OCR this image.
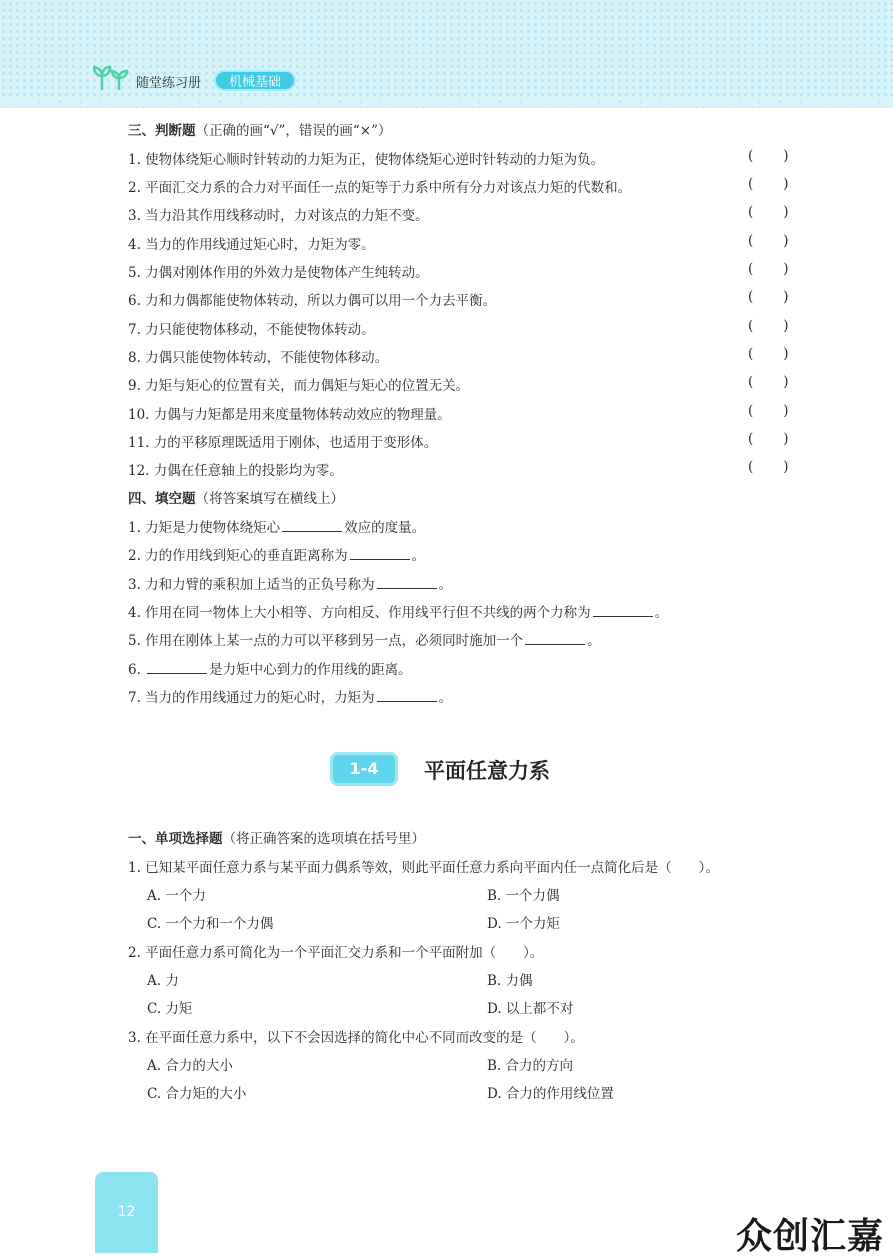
随堂练习册	机械基础
三、判断题（正确的画“√”，错误的画“×”）
1. 使物体绕矩心顺时针转动的力矩为正，使物体绕矩心逆时针转动的力矩为负。	(       )
2. 平面汇交力系的合力对平面任一点的矩等于力系中所有分力对该点力矩的代数和。	(       )
3. 当力沿其作用线移动时，力对该点的力矩不变。	(       )
4. 当力的作用线通过矩心时，力矩为零。	(       )
5. 力偶对刚体作用的外效力是使物体产生纯转动。	(       )
6. 力和力偶都能使物体转动，所以力偶可以用一个力去平衡。	(       )
7. 力只能使物体移动，不能使物体转动。	(       )
8. 力偶只能使物体转动，不能使物体移动。	(       )
9. 力矩与矩心的位置有关，而力偶矩与矩心的位置无关。	(       )
10. 力偶与力矩都是用来度量物体转动效应的物理量。	(       )
11. 力的平移原理既适用于刚体，也适用于变形体。	(       )
12. 力偶在任意轴上的投影均为零。	(       )
四、填空题（将答案填写在横线上）
1. 力矩是力使物体绕矩心	效应的度量。
2. 力的作用线到矩心的垂直距离称为	。
3. 力和力臂的乘积加上适当的正负号称为	。
4. 作用在同一物体上大小相等、方向相反、作用线平行但不共线的两个力称为	。
5. 作用在刚体上某一点的力可以平移到另一点，必须同时施加一个	。
6.	是力矩中心到力的作用线的距离。
7. 当力的作用线通过力的矩心时，力矩为	。
1-4	平面任意力系
一、单项选择题（将正确答案的选项填在括号里）
1. 已知某平面任意力系与某平面力偶系等效，则此平面任意力系向平面内任一点简化后是（　　）。
A. 一个力	B. 一个力偶
C. 一个力和一个力偶	D. 一个力矩
2. 平面任意力系可简化为一个平面汇交力系和一个平面附加（　　）。
A. 力	B. 力偶
C. 力矩	D. 以上都不对
3. 在平面任意力系中，以下不会因选择的简化中心不同而改变的是（　　）。
A. 合力的大小	B. 合力的方向
C. 合力矩的大小	D. 合力的作用线位置
12
众创汇嘉
